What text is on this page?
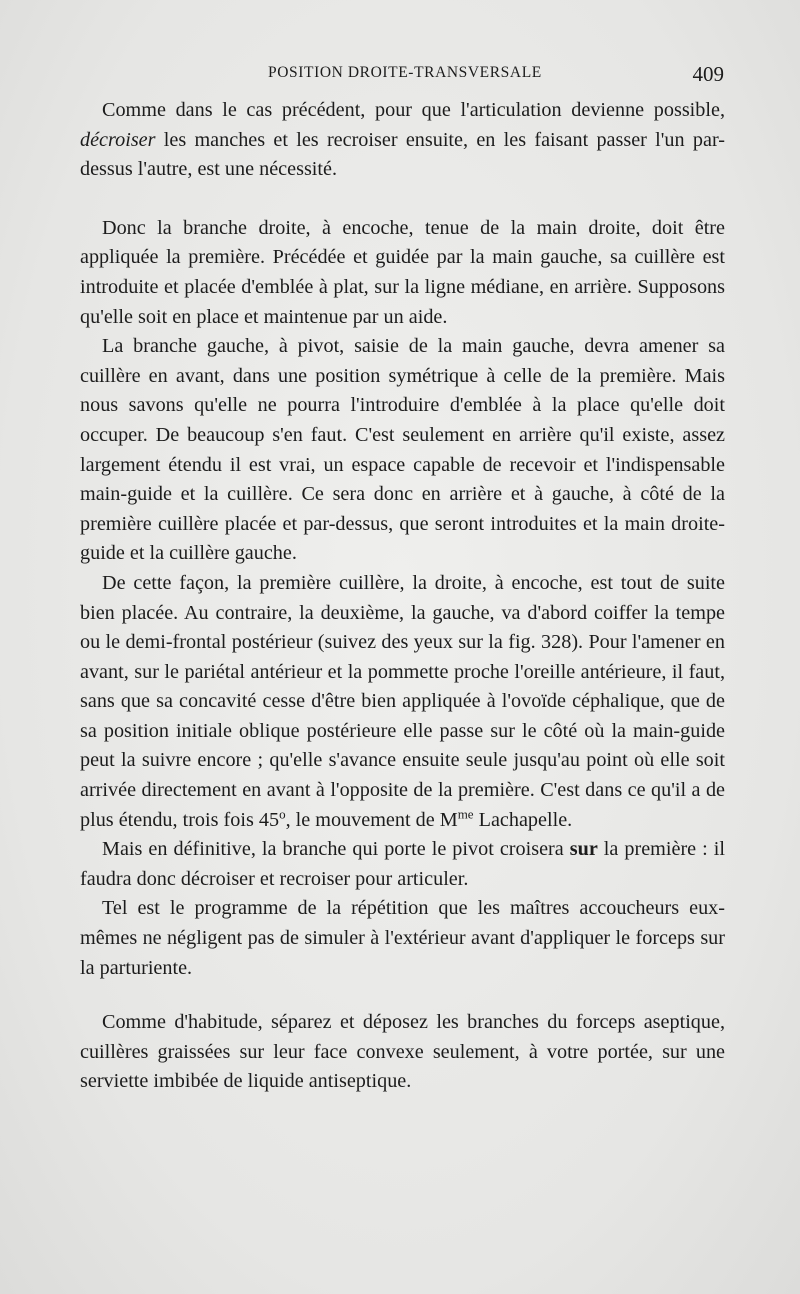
POSITION DROITE-TRANSVERSALE	409

Comme dans le cas précédent, pour que l'articulation devienne possible, décroiser les manches et les recroiser ensuite, en les faisant passer l'un par-dessus l'autre, est une nécessité.

Donc la branche droite, à encoche, tenue de la main droite, doit être appliquée la première. Précédée et guidée par la main gauche, sa cuillère est introduite et placée d'emblée à plat, sur la ligne médiane, en arrière. Supposons qu'elle soit en place et maintenue par un aide.

La branche gauche, à pivot, saisie de la main gauche, devra amener sa cuillère en avant, dans une position symétrique à celle de la première. Mais nous savons qu'elle ne pourra l'introduire d'emblée à la place qu'elle doit occuper. De beaucoup s'en faut. C'est seulement en arrière qu'il existe, assez largement étendu il est vrai, un espace capable de recevoir et l'indispensable main-guide et la cuillère. Ce sera donc en arrière et à gauche, à côté de la première cuillère placée et par-dessus, que seront introduites et la main droite-guide et la cuillère gauche.

De cette façon, la première cuillère, la droite, à encoche, est tout de suite bien placée. Au contraire, la deuxième, la gauche, va d'abord coiffer la tempe ou le demi-frontal postérieur (suivez des yeux sur la fig. 328). Pour l'amener en avant, sur le pariétal antérieur et la pommette proche l'oreille antérieure, il faut, sans que sa concavité cesse d'être bien appliquée à l'ovoïde céphalique, que de sa position initiale oblique postérieure elle passe sur le côté où la main-guide peut la suivre encore ; qu'elle s'avance ensuite seule jusqu'au point où elle soit arrivée directement en avant à l'opposite de la première. C'est dans ce qu'il a de plus étendu, trois fois 45$^o$, le mouvement de $M^{me}$ Lachapelle.

Mais en définitive, la branche qui porte le pivot croisera sur la première : il faudra donc décroiser et recroiser pour articuler.

Tel est le programme de la répétition que les maîtres accoucheurs eux-mêmes ne négligent pas de simuler à l'extérieur avant d'appliquer le forceps sur la parturiente.

Comme d'habitude, séparez et déposez les branches du forceps aseptique, cuillères graissées sur leur face convexe seulement, à votre portée, sur une serviette imbibée de liquide antiseptique.
